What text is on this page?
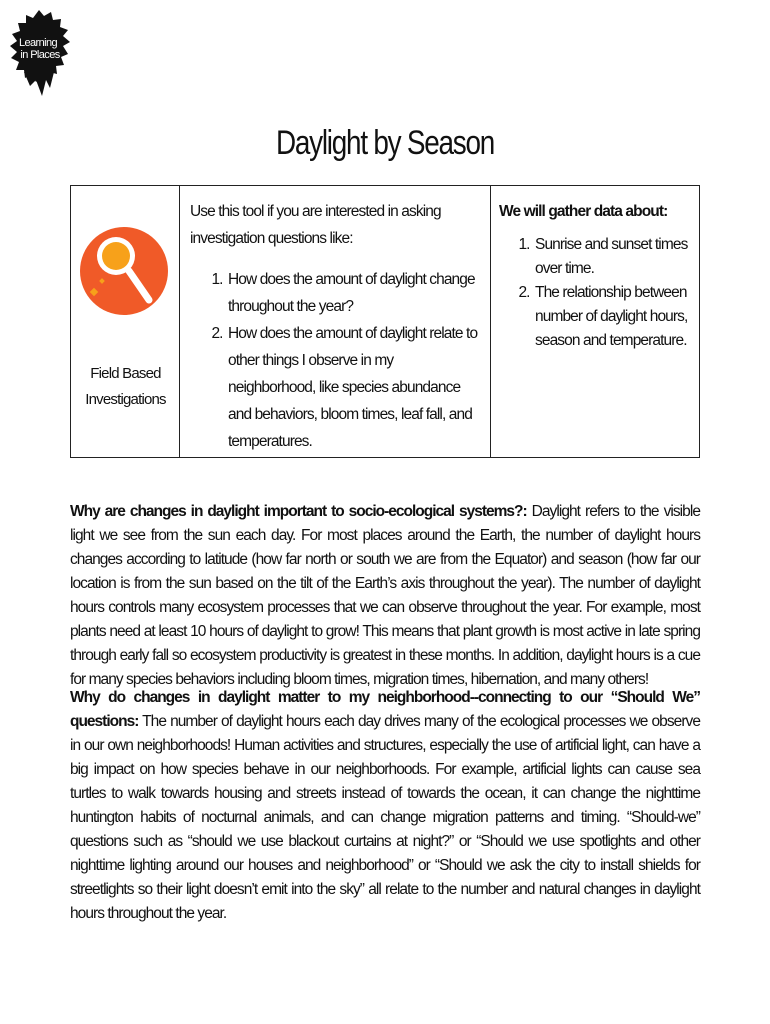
Learning
in Places
Daylight by Season
Field Based Investigations
Use this tool if you are interested in asking investigation questions like:
1. How does the amount of daylight change throughout the year?
2. How does the amount of daylight relate to other things I observe in my neighborhood, like species abundance and behaviors, bloom times, leaf fall, and temperatures.
We will gather data about:
1. Sunrise and sunset times over time.
2. The relationship between number of daylight hours, season and temperature.

Why are changes in daylight important to socio-ecological systems?: Daylight refers to the visible light we see from the sun each day. For most places around the Earth, the number of daylight hours changes according to latitude (how far north or south we are from the Equator) and season (how far our location is from the sun based on the tilt of the Earth’s axis throughout the year). The number of daylight hours controls many ecosystem processes that we can observe throughout the year. For example, most plants need at least 10 hours of daylight to grow! This means that plant growth is most active in late spring through early fall so ecosystem productivity is greatest in these months. In addition, daylight hours is a cue for many species behaviors including bloom times, migration times, hibernation, and many others!

Why do changes in daylight matter to my neighborhood--connecting to our “Should We” questions: The number of daylight hours each day drives many of the ecological processes we observe in our own neighborhoods! Human activities and structures, especially the use of artificial light, can have a big impact on how species behave in our neighborhoods. For example, artificial lights can cause sea turtles to walk towards housing and streets instead of towards the ocean, it can change the nighttime huntington habits of nocturnal animals, and can change migration patterns and timing. “Should-we” questions such as “should we use blackout curtains at night?” or “Should we use spotlights and other nighttime lighting around our houses and neighborhood” or “Should we ask the city to install shields for streetlights so their light doesn’t emit into the sky” all relate to the number and natural changes in daylight hours throughout the year.
